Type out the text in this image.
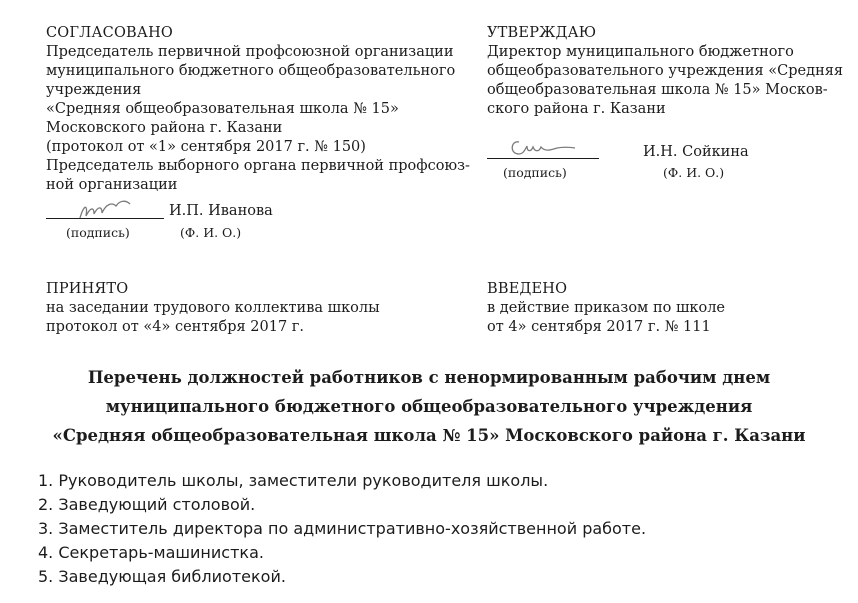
СОГЛАСОВАНО
Председатель первичной профсоюзной организации
муниципального бюджетного общеобразовательного
учреждения
«Средняя общеобразовательная школа № 15»
Московского района г. Казани
(протокол от «1» сентября 2017 г. № 150)
Председатель выборного органа первичной профсоюз-
ной организации
И.П. Иванова
(подпись)	(Ф. И. О.)
УТВЕРЖДАЮ
Директор муниципального бюджетного
общеобразовательного учреждения «Средняя
общеобразовательная школа № 15» Москов-
ского района г. Казани
И.Н. Сойкина
(подпись)	(Ф. И. О.)
ПРИНЯТО
на заседании трудового коллектива школы
протокол от «4» сентября 2017 г.
ВВЕДЕНО
в действие приказом по школе
от 4» сентября 2017 г. № 111
Перечень должностей работников с ненормированным рабочим днем
муниципального бюджетного общеобразовательного учреждения
«Средняя общеобразовательная школа № 15» Московского района г. Казани
1. Руководитель школы, заместители руководителя школы.
2. Заведующий столовой.
3. Заместитель директора по административно-хозяйственной работе.
4. Секретарь-машинистка.
5. Заведующая библиотекой.
